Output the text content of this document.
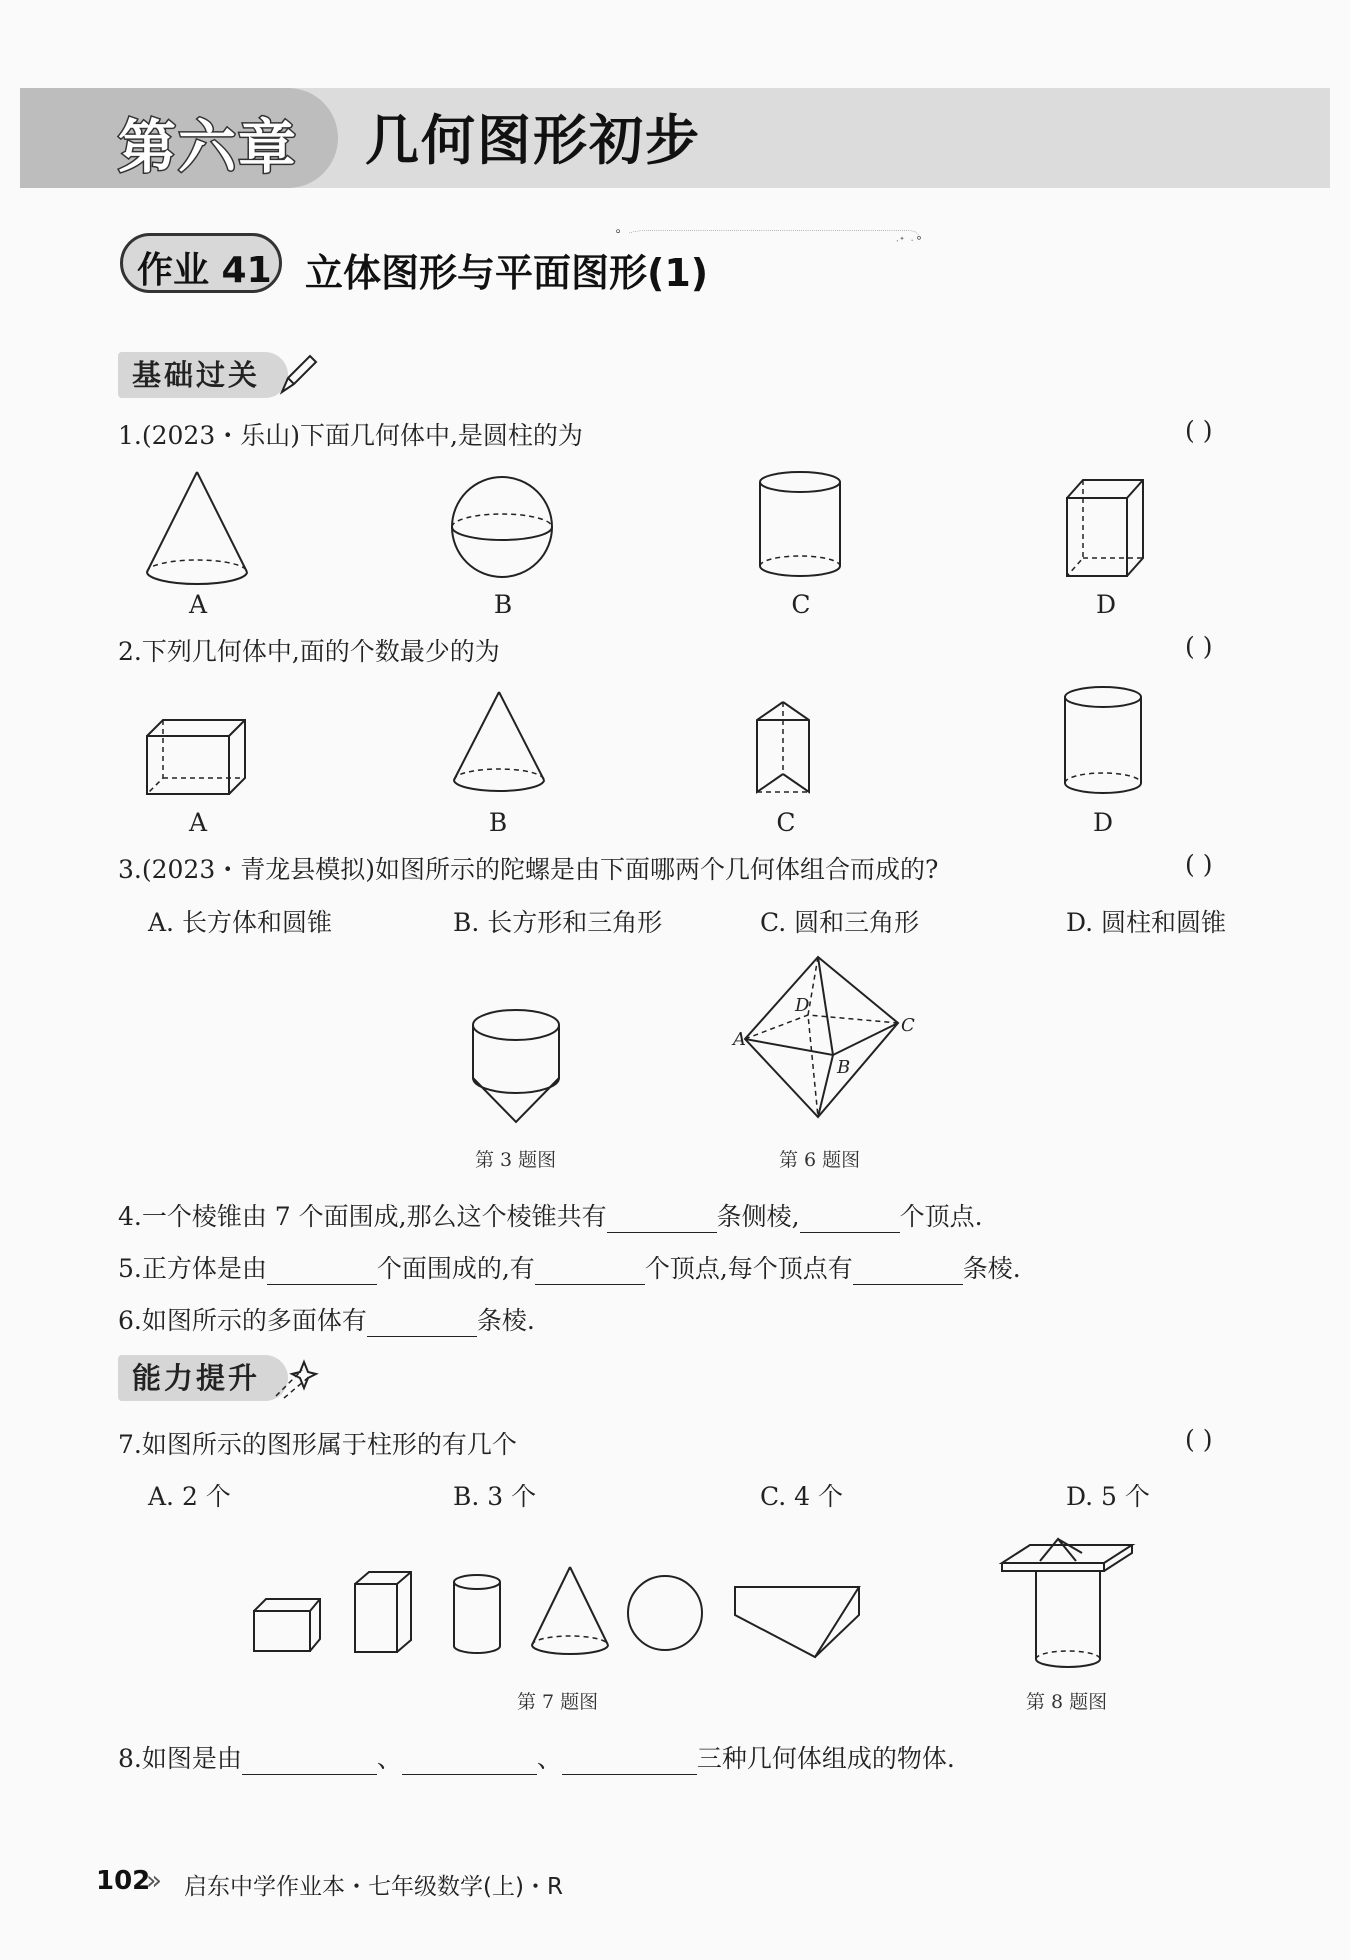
第六章 几何图形初步
作业 41
✦
立体图形与平面图形(1)
基础过关
1.(2023・乐山)下面几何体中,是圆柱的为	( )
A	B	C	D
2.下列几何体中,面的个数最少的为	( )
A	B	C	D
3.(2023・青龙县模拟)如图所示的陀螺是由下面哪两个几何体组合而成的?	( )
A. 长方体和圆锥	B. 长方形和三角形	C. 圆和三角形	D. 圆柱和圆锥
第 3 题图
A
D
C
B
第 6 题图
4.一个棱锥由 7 个面围成,那么这个棱锥共有	条侧棱,	个顶点.
5.正方体是由	个面围成的,有	个顶点,每个顶点有	条棱.
6.如图所示的多面体有	条棱.
能力提升
7.如图所示的图形属于柱形的有几个	( )
A. 2 个	B. 3 个	C. 4 个	D. 5 个
第 7 题图	第 8 题图
8.如图是由	、	、	三种几何体组成的物体.
102
» 启东中学作业本・七年级数学(上)・R
